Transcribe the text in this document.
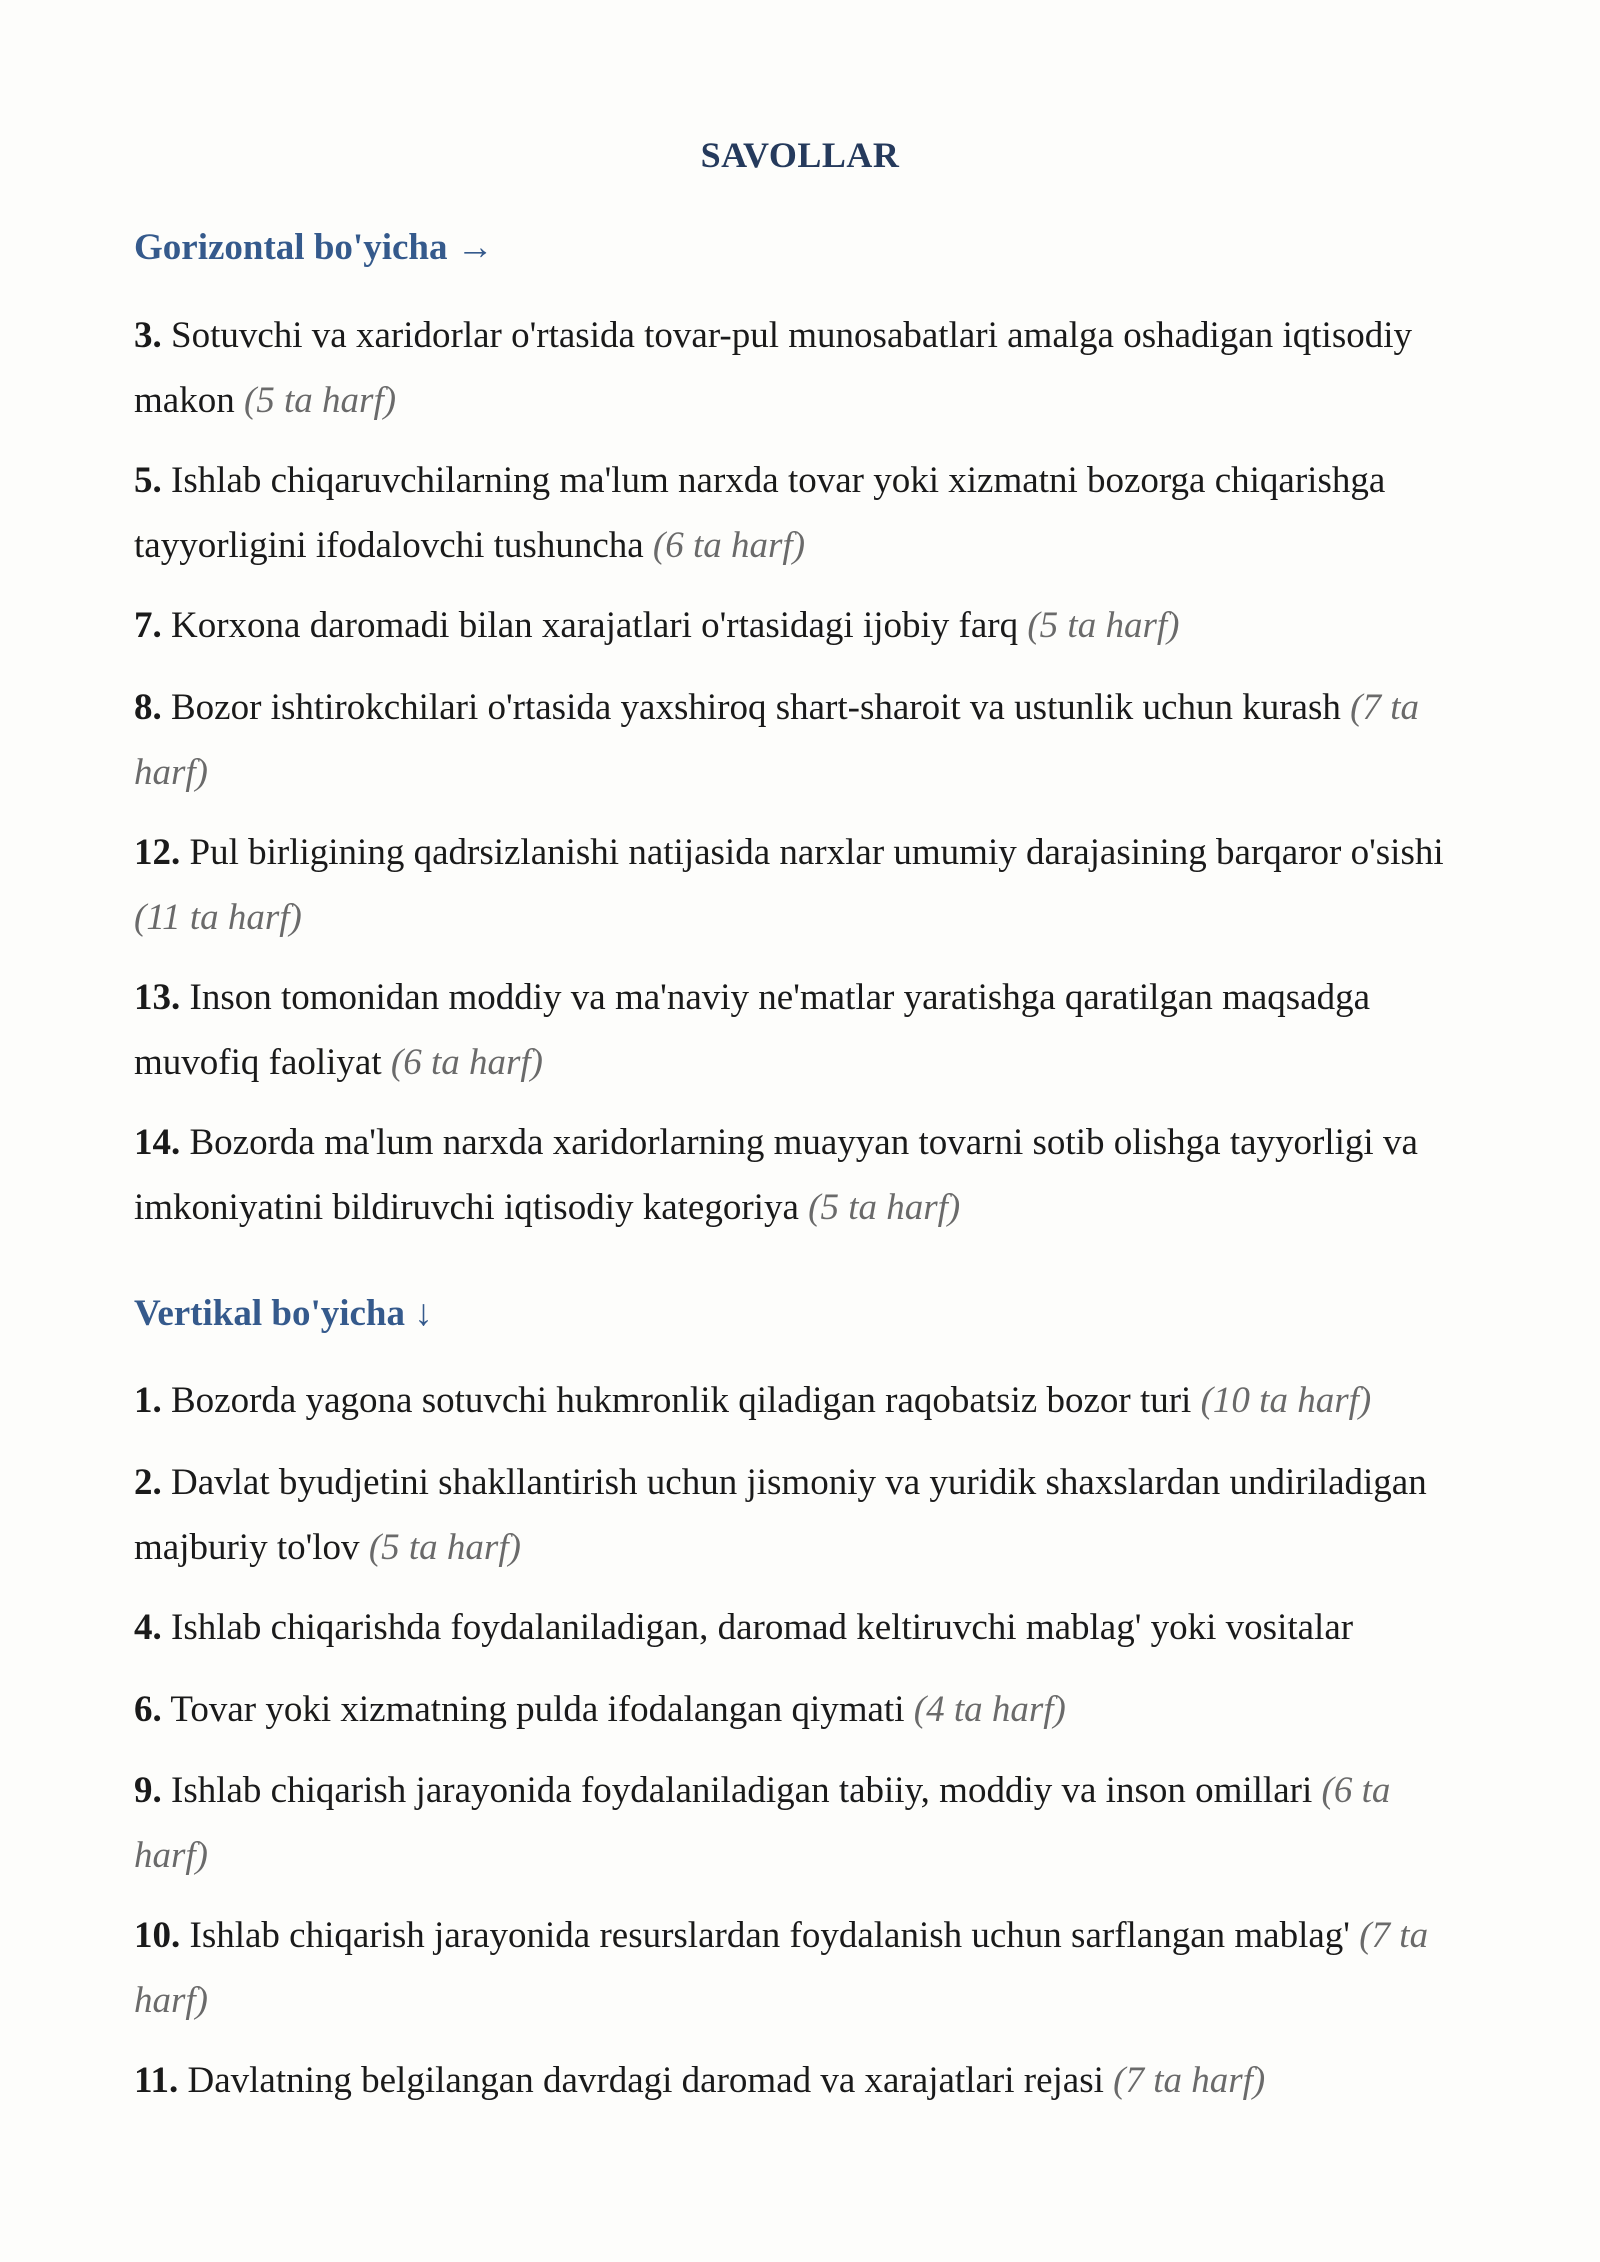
SAVOLLAR
Gorizontal bo'yicha →
3. Sotuvchi va xaridorlar o'rtasida tovar-pul munosabatlari amalga oshadigan iqtisodiy makon (5 ta harf)
5. Ishlab chiqaruvchilarning ma'lum narxda tovar yoki xizmatni bozorga chiqarishga tayyorligini ifodalovchi tushuncha (6 ta harf)
7. Korxona daromadi bilan xarajatlari o'rtasidagi ijobiy farq (5 ta harf)
8. Bozor ishtirokchilari o'rtasida yaxshiroq shart-sharoit va ustunlik uchun kurash (7 ta harf)
12. Pul birligining qadrsizlanishi natijasida narxlar umumiy darajasining barqaror o'sishi (11 ta harf)
13. Inson tomonidan moddiy va ma'naviy ne'matlar yaratishga qaratilgan maqsadga muvofiq faoliyat (6 ta harf)
14. Bozorda ma'lum narxda xaridorlarning muayyan tovarni sotib olishga tayyorligi va imkoniyatini bildiruvchi iqtisodiy kategoriya (5 ta harf)
Vertikal bo'yicha ↓
1. Bozorda yagona sotuvchi hukmronlik qiladigan raqobatsiz bozor turi (10 ta harf)
2. Davlat byudjetini shakllantirish uchun jismoniy va yuridik shaxslardan undiriladigan majburiy to'lov (5 ta harf)
4. Ishlab chiqarishda foydalaniladigan, daromad keltiruvchi mablag' yoki vositalar
6. Tovar yoki xizmatning pulda ifodalangan qiymati (4 ta harf)
9. Ishlab chiqarish jarayonida foydalaniladigan tabiiy, moddiy va inson omillari (6 ta harf)
10. Ishlab chiqarish jarayonida resurslardan foydalanish uchun sarflangan mablag' (7 ta harf)
11. Davlatning belgilangan davrdagi daromad va xarajatlari rejasi (7 ta harf)
